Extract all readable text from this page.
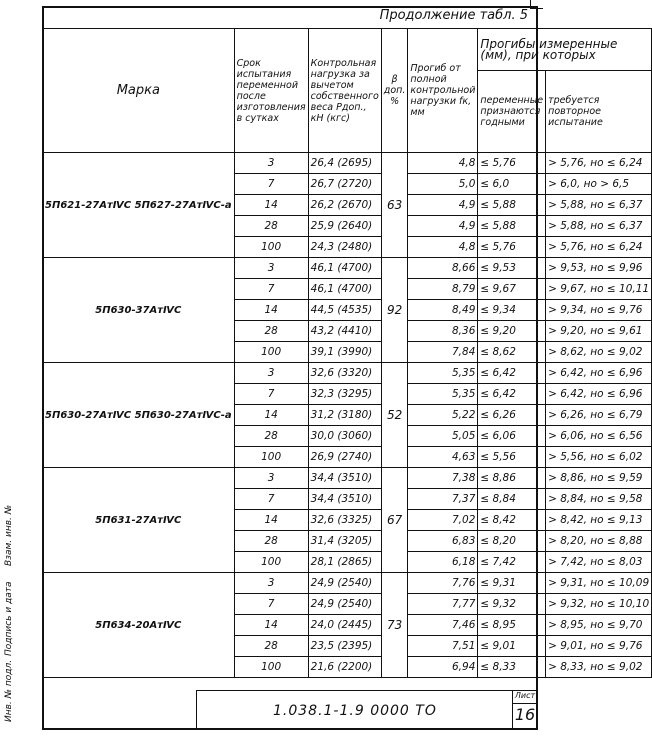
Продолжение табл. 5
Марка	Срок испытания переменной после изготовления в сутках	Контрольная нагрузка за вычетом собственного веса Рдоп., кН (кгс)	β доп. %	Прогиб от полной контрольной нагрузки fк, мм	Прогибы измеренные (мм), при которых	
					переменные признаются годными	требуется повторное испытание
5П621-27АтⅣС 5П627-27АтⅣС-а	3	26,4 (2695)	63	4,8	≤ 5,76	> 5,76, но ≤ 6,24
	7	26,7 (2720)		5,0	≤ 6,0	> 6,0, но > 6,5
	14	26,2 (2670)		4,9	≤ 5,88	> 5,88, но ≤ 6,37
	28	25,9 (2640)		4,9	≤ 5,88	> 5,88, но ≤ 6,37
	100	24,3 (2480)		4,8	≤ 5,76	> 5,76, но ≤ 6,24
5П630-37АтⅣС	3	46,1 (4700)	92	8,66	≤ 9,53	> 9,53, но ≤ 9,96
	7	46,1 (4700)		8,79	≤ 9,67	> 9,67, но ≤ 10,11
	14	44,5 (4535)		8,49	≤ 9,34	> 9,34, но ≤ 9,76
	28	43,2 (4410)		8,36	≤ 9,20	> 9,20, но ≤ 9,61
	100	39,1 (3990)		7,84	≤ 8,62	> 8,62, но ≤ 9,02
5П630-27АтⅣС 5П630-27АтⅣС-а	3	32,6 (3320)	52	5,35	≤ 6,42	> 6,42, но ≤ 6,96
	7	32,3 (3295)		5,35	≤ 6,42	> 6,42, но ≤ 6,96
	14	31,2 (3180)		5,22	≤ 6,26	> 6,26, но ≤ 6,79
	28	30,0 (3060)		5,05	≤ 6,06	> 6,06, но ≤ 6,56
	100	26,9 (2740)		4,63	≤ 5,56	> 5,56, но ≤ 6,02
5П631-27АтⅣС	3	34,4 (3510)	67	7,38	≤ 8,86	> 8,86, но ≤ 9,59
	7	34,4 (3510)		7,37	≤ 8,84	> 8,84, но ≤ 9,58
	14	32,6 (3325)		7,02	≤ 8,42	> 8,42, но ≤ 9,13
	28	31,4 (3205)		6,83	≤ 8,20	> 8,20, но ≤ 8,88
	100	28,1 (2865)		6,18	≤ 7,42	> 7,42, но ≤ 8,03
5П634-20АтⅣС	3	24,9 (2540)	73	7,76	≤ 9,31	> 9,31, но ≤ 10,09
	7	24,9 (2540)		7,77	≤ 9,32	> 9,32, но ≤ 10,10
	14	24,0 (2445)		7,46	≤ 8,95	> 8,95, но ≤ 9,70
	28	23,5 (2395)		7,51	≤ 9,01	> 9,01, но ≤ 9,76
	100	21,6 (2200)		6,94	≤ 8,33	> 8,33, но ≤ 9,02
Инв. № подл.
Подпись и дата
Взам. инв. №
1.038.1-1.9 0000 ТО
Лист
16
